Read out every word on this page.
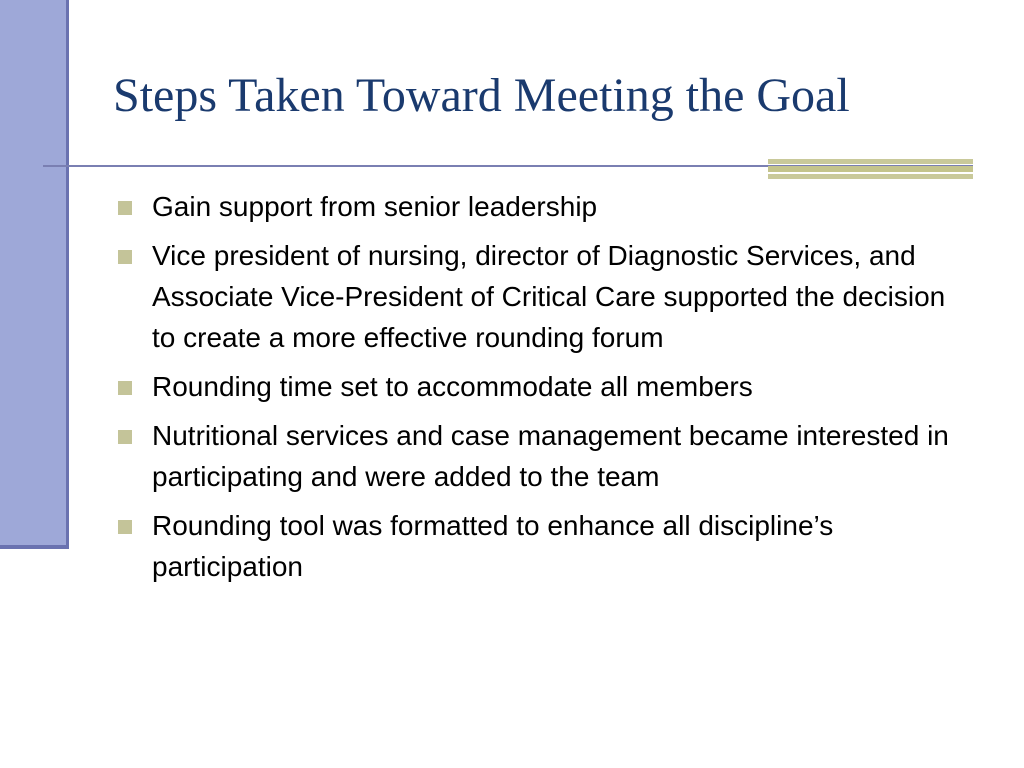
Steps Taken Toward Meeting the Goal
Gain support from senior leadership
Vice president of nursing, director of Diagnostic Services, and Associate Vice-President of Critical Care supported the decision to create a more effective rounding forum
Rounding time set to accommodate all members
Nutritional services and case management became interested in participating and were added to the team
Rounding tool was formatted to enhance all discipline’s participation
